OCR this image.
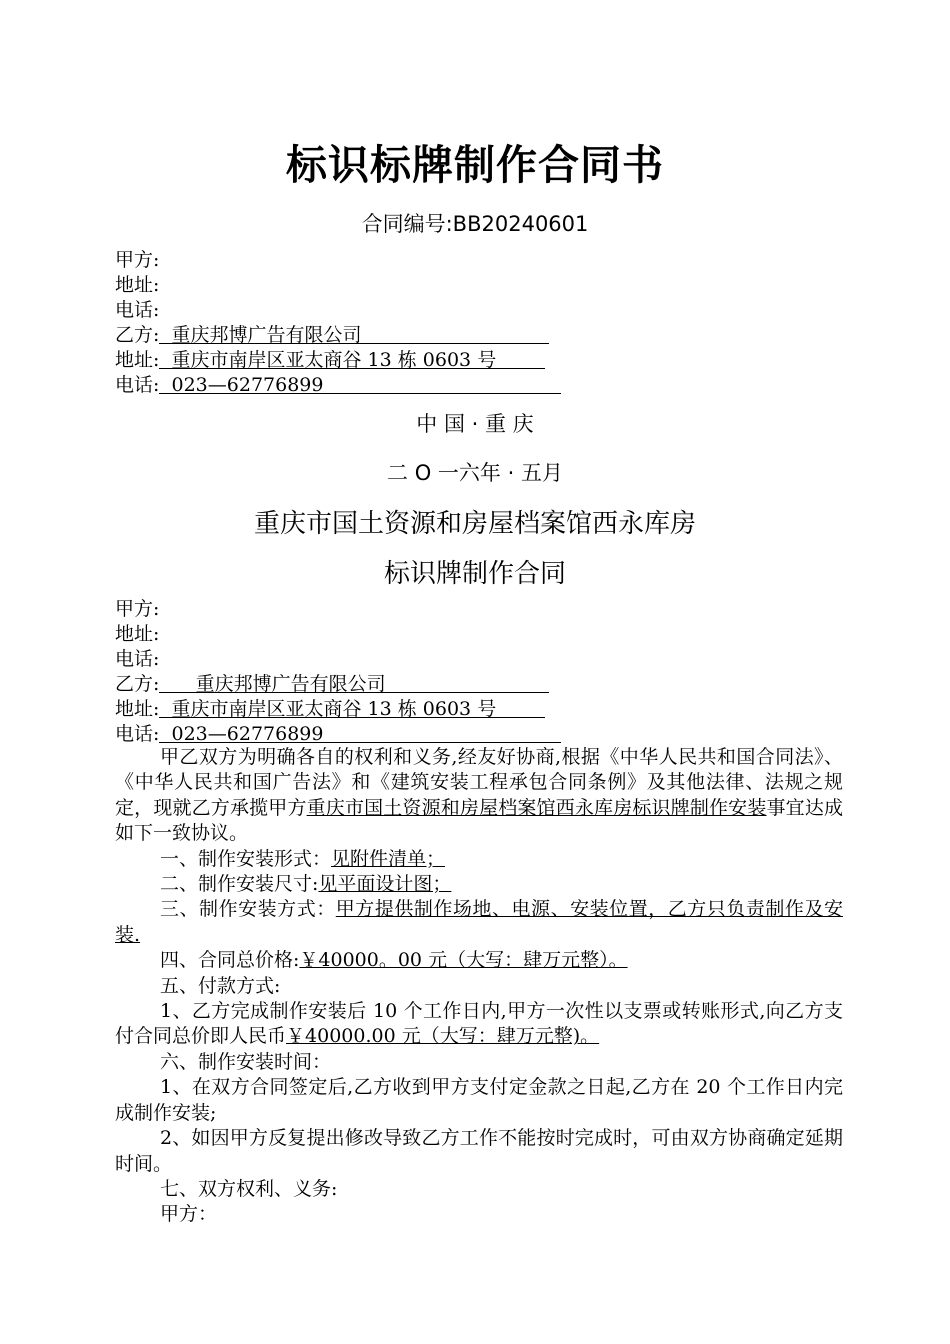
标识标牌制作合同书
合同编号:BB20240601
甲方:
地址:
电话:
乙方: 重庆邦博广告有限公司
地址: 重庆市南岸区亚太商谷 13 栋 0603 号
电话: 023—62776899
中 国 · 重 庆
二 O 一六年 · 五月
重庆市国土资源和房屋档案馆西永库房
标识牌制作合同
甲方:
地址:
电话:
乙方: 重庆邦博广告有限公司
地址: 重庆市南岸区亚太商谷 13 栋 0603 号
电话: 023—62776899

甲乙双方为明确各自的权利和义务,经友好协商,根据《中华人民共和国合同法》、《中华人民共和国广告法》和《建筑安装工程承包合同条例》及其他法律、法规之规定，现就乙方承揽甲方重庆市国土资源和房屋档案馆西永库房标识牌制作安装事宜达成如下一致协议。

一、制作安装形式：见附件清单；

二、制作安装尺寸:见平面设计图；

三、制作安装方式：甲方提供制作场地、电源、安装位置，乙方只负责制作及安装.

四、合同总价格:￥40000。00 元（大写：肆万元整）。

五、付款方式:

1、乙方完成制作安装后 10 个工作日内,甲方一次性以支票或转账形式,向乙方支付合同总价即人民币￥40000.00 元（大写：肆万元整)。

六、制作安装时间：

1、在双方合同签定后,乙方收到甲方支付定金款之日起,乙方在 20 个工作日内完成制作安装;

2、如因甲方反复提出修改导致乙方工作不能按时完成时，可由双方协商确定延期时间。

七、双方权利、义务:

甲方：
